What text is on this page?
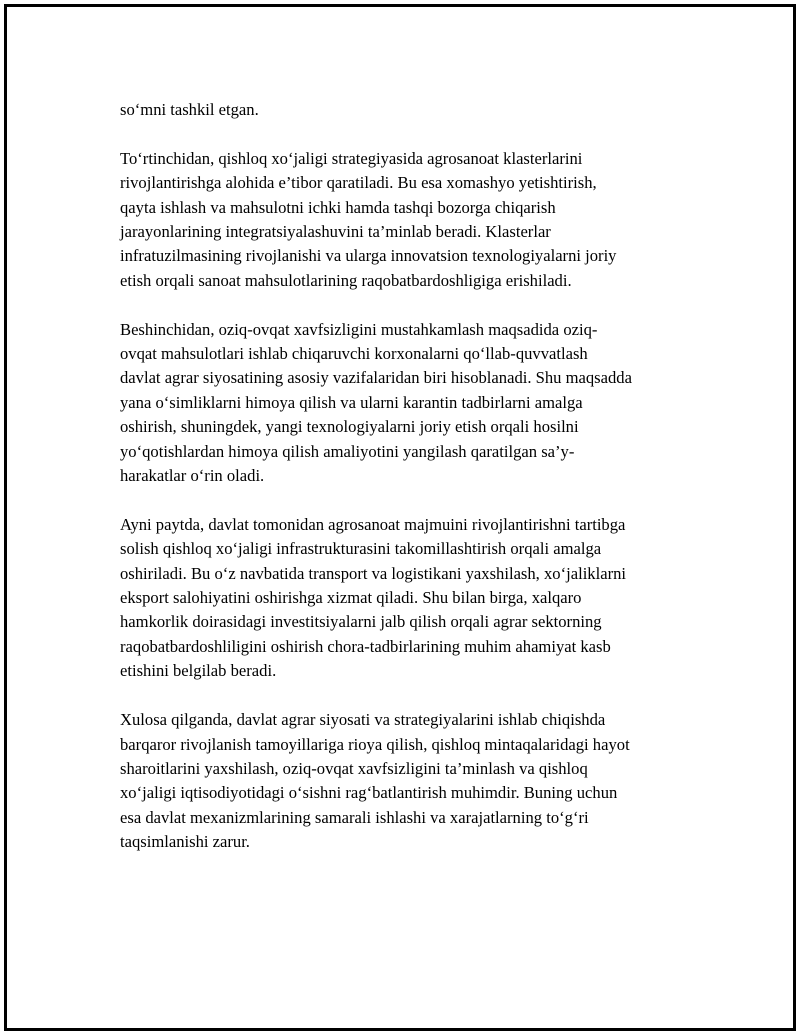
so‘mni tashkil etgan.

To‘rtinchidan, qishloq xo‘jaligi strategiyasida agrosanoat klasterlarini
rivojlantirishga alohida e’tibor qaratiladi. Bu esa xomashyo yetishtirish,
qayta ishlash va mahsulotni ichki hamda tashqi bozorga chiqarish
jarayonlarining integratsiyalashuvini ta’minlab beradi. Klasterlar
infratuzilmasining rivojlanishi va ularga innovatsion texnologiyalarni joriy
etish orqali sanoat mahsulotlarining raqobatbardoshligiga erishiladi.

Beshinchidan, oziq-ovqat xavfsizligini mustahkamlash maqsadida oziq-
ovqat mahsulotlari ishlab chiqaruvchi korxonalarni qo‘llab-quvvatlash
davlat agrar siyosatining asosiy vazifalaridan biri hisoblanadi. Shu maqsadda
yana o‘simliklarni himoya qilish va ularni karantin tadbirlarni amalga
oshirish, shuningdek, yangi texnologiyalarni joriy etish orqali hosilni
yo‘qotishlardan himoya qilish amaliyotini yangilash qaratilgan sa’y-
harakatlar o‘rin oladi.

Ayni paytda, davlat tomonidan agrosanoat majmuini rivojlantirishni tartibga
solish qishloq xo‘jaligi infrastrukturasini takomillashtirish orqali amalga
oshiriladi. Bu o‘z navbatida transport va logistikani yaxshilash, xo‘jaliklarni
eksport salohiyatini oshirishga xizmat qiladi. Shu bilan birga, xalqaro
hamkorlik doirasidagi investitsiyalarni jalb qilish orqali agrar sektorning
raqobatbardoshliligini oshirish chora-tadbirlarining muhim ahamiyat kasb
etishini belgilab beradi.

Xulosa qilganda, davlat agrar siyosati va strategiyalarini ishlab chiqishda
barqaror rivojlanish tamoyillariga rioya qilish, qishloq mintaqalaridagi hayot
sharoitlarini yaxshilash, oziq-ovqat xavfsizligini ta’minlash va qishloq
xo‘jaligi iqtisodiyotidagi o‘sishni rag‘batlantirish muhimdir. Buning uchun
esa davlat mexanizmlarining samarali ishlashi va xarajatlarning to‘g‘ri
taqsimlanishi zarur.
